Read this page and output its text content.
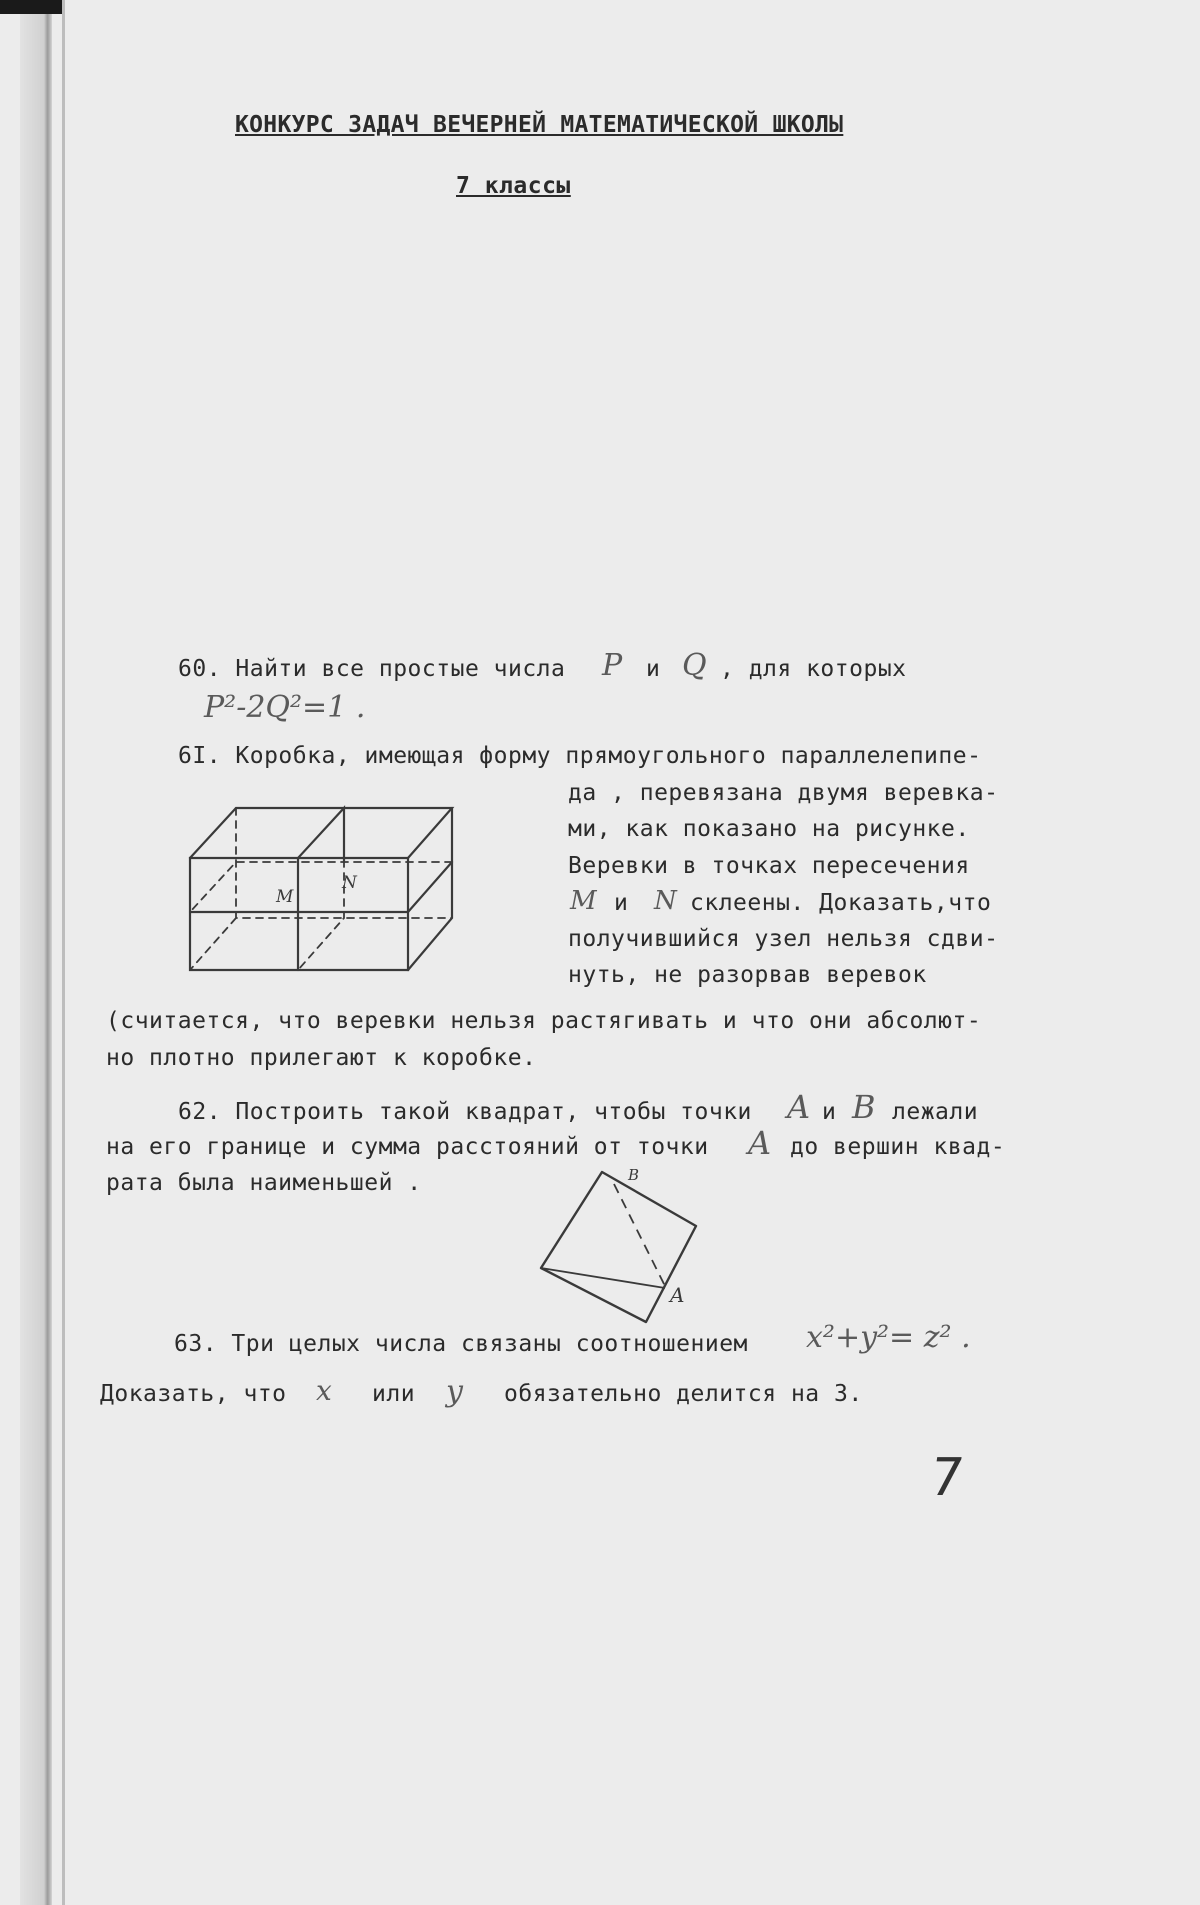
КОНКУРС ЗАДАЧ ВЕЧЕРНЕЙ МАТЕМАТИЧЕСКОЙ ШКОЛЫ
7 классы
60. Найти все простые числа P и Q , для которых
P²-2Q²=1 .
6I. Коробка, имеющая форму прямоугольного параллелепипе-
да , перевязана двумя веревка-
ми, как показано на рисунке.
Веревки в точках пересечения
M и N склеены. Доказать,что
получившийся узел нельзя сдви-
нуть, не разорвав веревок
(считается, что веревки нельзя растягивать и что они абсолют-
но плотно прилегают к коробке.
M
N
62. Построить такой квадрат, чтобы точки A и B лежали
на его границе и сумма расстояний от точки A до вершин квад-
рата была наименьшей .	B
A
63. Три целых числа связаны соотношением x²+y²= z² .
Доказать, что x или y обязательно делится на 3.
7
